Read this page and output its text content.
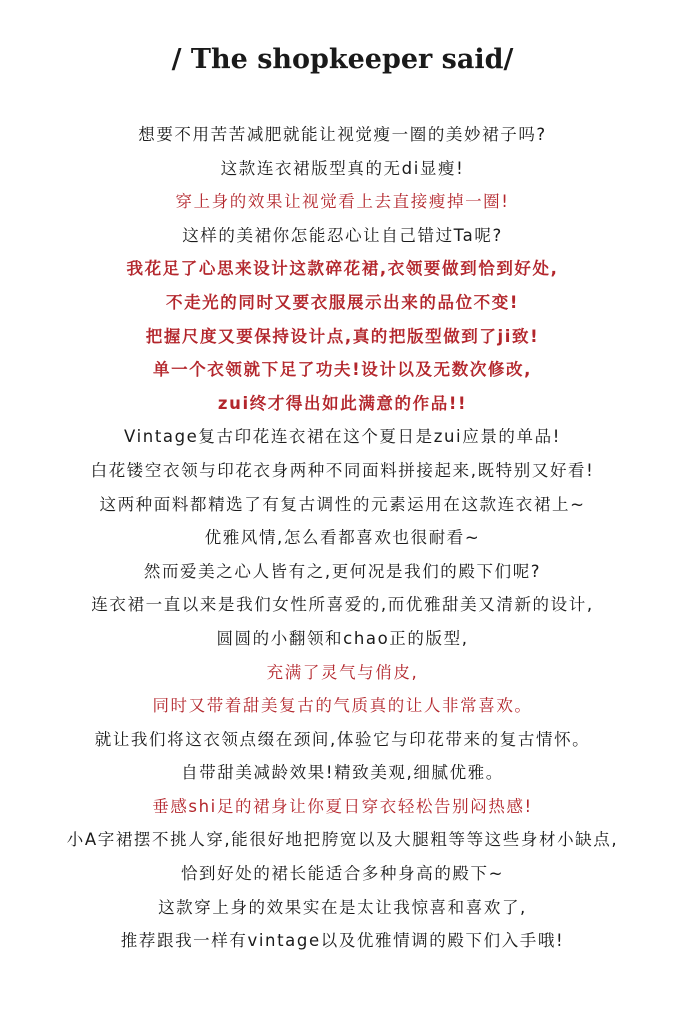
/ The shopkeeper said/
想要不用苦苦减肥就能让视觉瘦一圈的美妙裙子吗?
这款连衣裙版型真的无di显瘦!
穿上身的效果让视觉看上去直接瘦掉一圈!
这样的美裙你怎能忍心让自己错过Ta呢?
我花足了心思来设计这款碎花裙,衣领要做到恰到好处,
不走光的同时又要衣服展示出来的品位不变!
把握尺度又要保持设计点,真的把版型做到了ji致!
单一个衣领就下足了功夫!设计以及无数次修改,
zui终才得出如此满意的作品!!
Vintage复古印花连衣裙在这个夏日是zui应景的单品!
白花镂空衣领与印花衣身两种不同面料拼接起来,既特别又好看!
这两种面料都精选了有复古调性的元素运用在这款连衣裙上~
优雅风情,怎么看都喜欢也很耐看~
然而爱美之心人皆有之,更何况是我们的殿下们呢?
连衣裙一直以来是我们女性所喜爱的,而优雅甜美又清新的设计,
圆圆的小翻领和chao正的版型,
充满了灵气与俏皮,
同时又带着甜美复古的气质真的让人非常喜欢。
就让我们将这衣领点缀在颈间,体验它与印花带来的复古情怀。
自带甜美减龄效果!精致美观,细腻优雅。
垂感shi足的裙身让你夏日穿衣轻松告别闷热感!
小A字裙摆不挑人穿,能很好地把胯宽以及大腿粗等等这些身材小缺点,
恰到好处的裙长能适合多种身高的殿下~
这款穿上身的效果实在是太让我惊喜和喜欢了,
推荐跟我一样有vintage以及优雅情调的殿下们入手哦!
